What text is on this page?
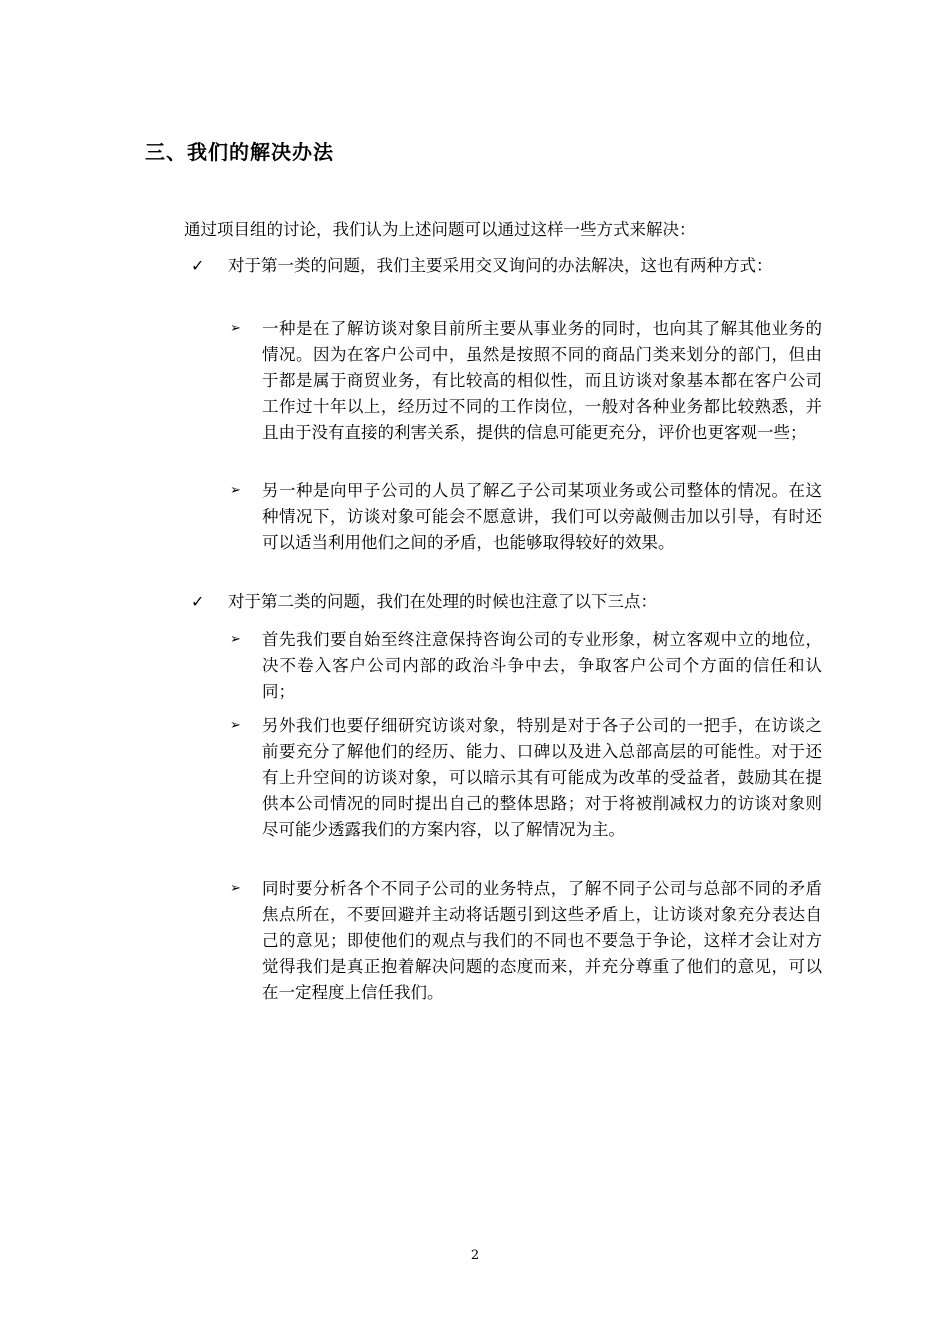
三、我们的解决办法
通过项目组的讨论，我们认为上述问题可以通过这样一些方式来解决：
✓ 对于第一类的问题，我们主要采用交叉询问的办法解决，这也有两种方式：
➢ 一种是在了解访谈对象目前所主要从事业务的同时，也向其了解其他业务的情况。因为在客户公司中，虽然是按照不同的商品门类来划分的部门，但由于都是属于商贸业务，有比较高的相似性，而且访谈对象基本都在客户公司工作过十年以上，经历过不同的工作岗位，一般对各种业务都比较熟悉，并且由于没有直接的利害关系，提供的信息可能更充分，评价也更客观一些；
➢ 另一种是向甲子公司的人员了解乙子公司某项业务或公司整体的情况。在这种情况下，访谈对象可能会不愿意讲，我们可以旁敲侧击加以引导，有时还可以适当利用他们之间的矛盾，也能够取得较好的效果。
✓ 对于第二类的问题，我们在处理的时候也注意了以下三点：
➢ 首先我们要自始至终注意保持咨询公司的专业形象，树立客观中立的地位，决不卷入客户公司内部的政治斗争中去，争取客户公司个方面的信任和认同；
➢ 另外我们也要仔细研究访谈对象，特别是对于各子公司的一把手，在访谈之前要充分了解他们的经历、能力、口碑以及进入总部高层的可能性。对于还有上升空间的访谈对象，可以暗示其有可能成为改革的受益者，鼓励其在提供本公司情况的同时提出自己的整体思路；对于将被削减权力的访谈对象则尽可能少透露我们的方案内容，以了解情况为主。
➢ 同时要分析各个不同子公司的业务特点，了解不同子公司与总部不同的矛盾焦点所在，不要回避并主动将话题引到这些矛盾上，让访谈对象充分表达自己的意见；即使他们的观点与我们的不同也不要急于争论，这样才会让对方觉得我们是真正抱着解决问题的态度而来，并充分尊重了他们的意见，可以在一定程度上信任我们。
2
